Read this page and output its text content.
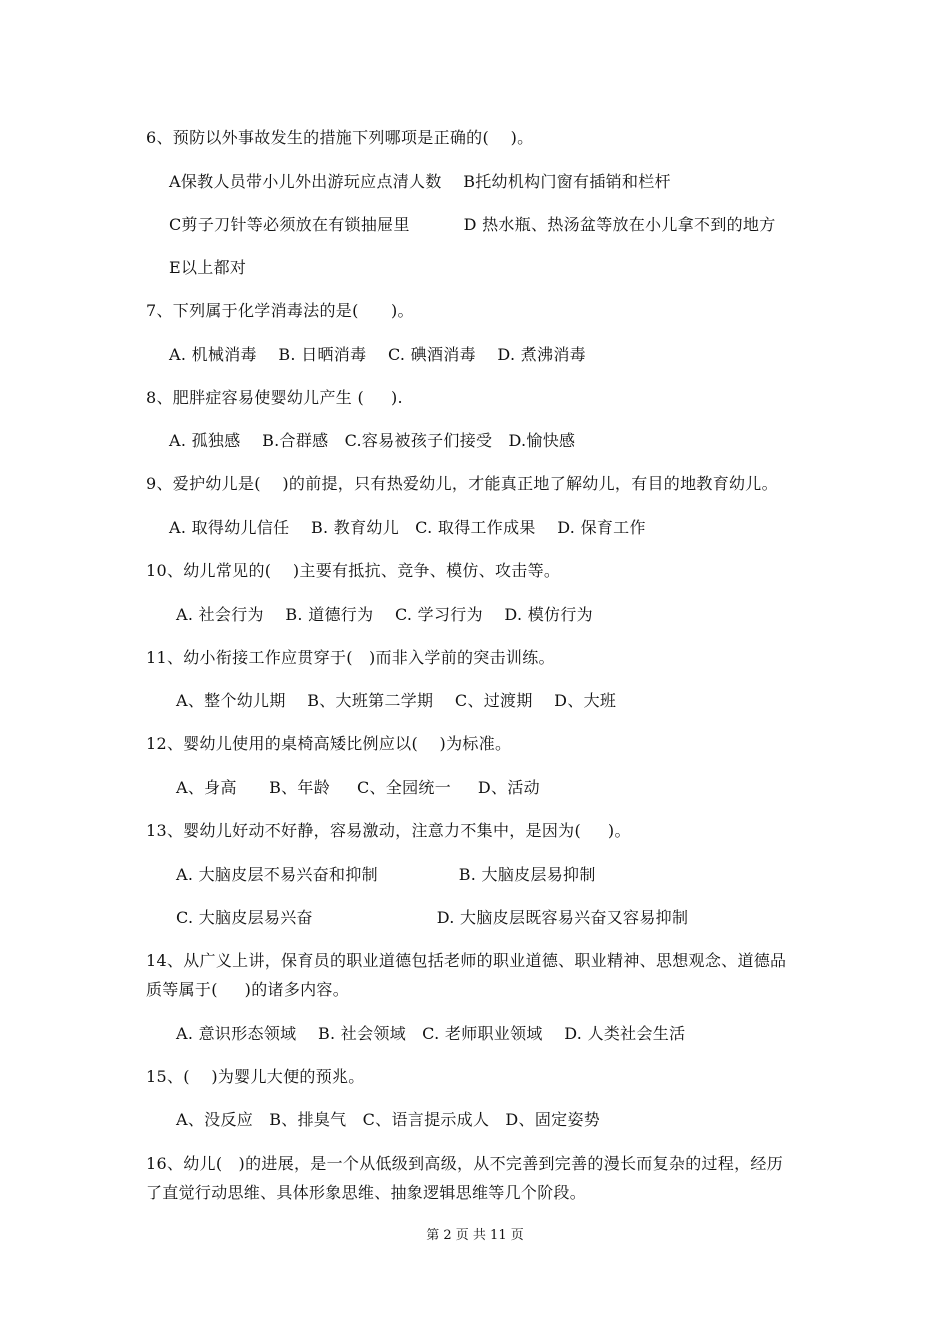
6、预防以外事故发生的措施下列哪项是正确的(    )。
A保教人员带小儿外出游玩应点清人数    B托幼机构门窗有插销和栏杆
C剪子刀针等必须放在有锁抽屉里          D 热水瓶、热汤盆等放在小儿拿不到的地方
E以上都对
7、下列属于化学消毒法的是(      )。
A. 机械消毒    B. 日晒消毒    C. 碘酒消毒    D. 煮沸消毒
8、肥胖症容易使婴幼儿产生 (     ).
A. 孤独感    B.合群感   C.容易被孩子们接受   D.愉快感
9、爱护幼儿是(    )的前提，只有热爱幼儿，才能真正地了解幼儿，有目的地教育幼儿。
A. 取得幼儿信任    B. 教育幼儿   C. 取得工作成果    D. 保育工作
10、幼儿常见的(    )主要有抵抗、竞争、模仿、攻击等。
A. 社会行为    B. 道德行为    C. 学习行为    D. 模仿行为
11、幼小衔接工作应贯穿于(   )而非入学前的突击训练。
A、整个幼儿期    B、大班第二学期    C、过渡期    D、大班
12、婴幼儿使用的桌椅高矮比例应以(    )为标准。
A、身高      B、年龄     C、全园统一     D、活动
13、婴幼儿好动不好静，容易激动，注意力不集中，是因为(     )。
A. 大脑皮层不易兴奋和抑制               B. 大脑皮层易抑制
C. 大脑皮层易兴奋                       D. 大脑皮层既容易兴奋又容易抑制
14、从广义上讲，保育员的职业道德包括老师的职业道德、职业精神、思想观念、道德品
质等属于(     )的诸多内容。
A. 意识形态领域    B. 社会领域   C. 老师职业领域    D. 人类社会生活
15、(    )为婴儿大便的预兆。
A、没反应   B、排臭气   C、语言提示成人   D、固定姿势
16、幼儿(   )的进展，是一个从低级到高级，从不完善到完善的漫长而复杂的过程，经历
了直觉行动思维、具体形象思维、抽象逻辑思维等几个阶段。
第 2 页 共 11 页
